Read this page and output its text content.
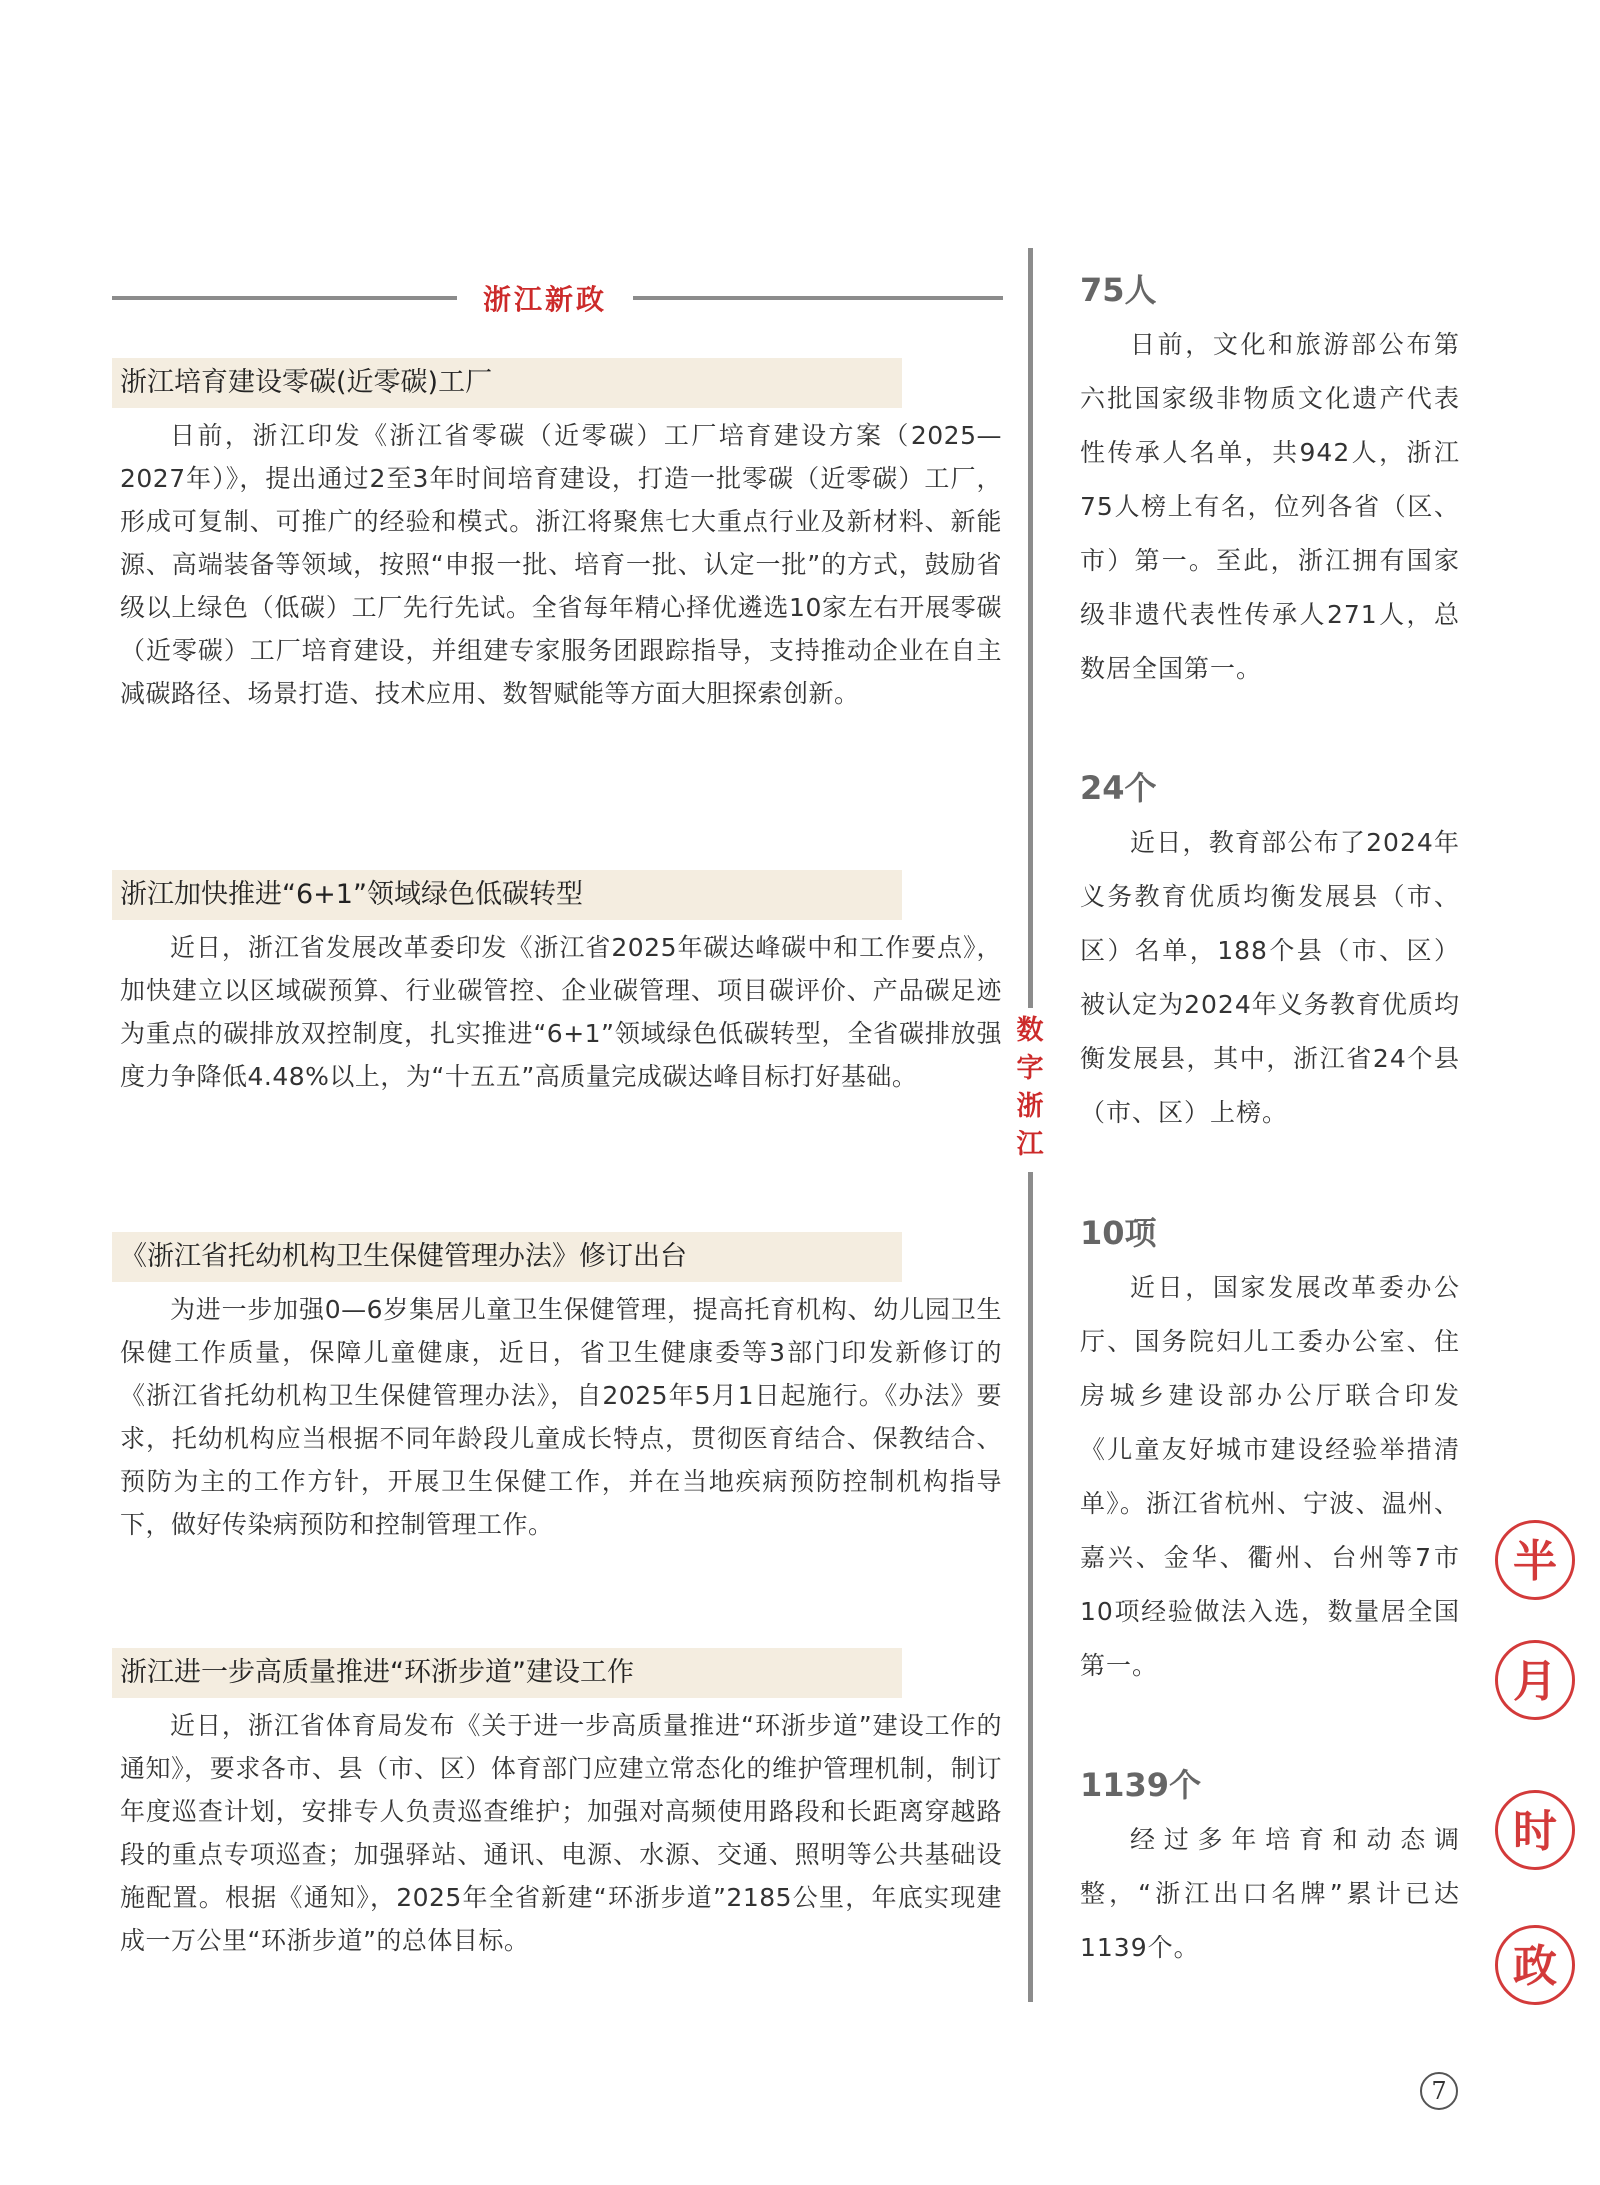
浙江新政
浙江培育建设零碳(近零碳)工厂
日前，浙江印发《浙江省零碳（近零碳）工厂培育建设方案（2025—2027年）》，提出通过2至3年时间培育建设，打造一批零碳（近零碳）工厂，形成可复制、可推广的经验和模式。浙江将聚焦七大重点行业及新材料、新能源、高端装备等领域，按照“申报一批、培育一批、认定一批”的方式，鼓励省级以上绿色（低碳）工厂先行先试。全省每年精心择优遴选10家左右开展零碳（近零碳）工厂培育建设，并组建专家服务团跟踪指导，支持推动企业在自主减碳路径、场景打造、技术应用、数智赋能等方面大胆探索创新。
浙江加快推进“6+1”领域绿色低碳转型
近日，浙江省发展改革委印发《浙江省2025年碳达峰碳中和工作要点》，加快建立以区域碳预算、行业碳管控、企业碳管理、项目碳评价、产品碳足迹为重点的碳排放双控制度，扎实推进“6+1”领域绿色低碳转型，全省碳排放强度力争降低4.48%以上，为“十五五”高质量完成碳达峰目标打好基础。
《浙江省托幼机构卫生保健管理办法》修订出台
为进一步加强0—6岁集居儿童卫生保健管理，提高托育机构、幼儿园卫生保健工作质量，保障儿童健康，近日，省卫生健康委等3部门印发新修订的《浙江省托幼机构卫生保健管理办法》，自2025年5月1日起施行。《办法》要求，托幼机构应当根据不同年龄段儿童成长特点，贯彻医育结合、保教结合、预防为主的工作方针，开展卫生保健工作，并在当地疾病预防控制机构指导下，做好传染病预防和控制管理工作。
浙江进一步高质量推进“环浙步道”建设工作
近日，浙江省体育局发布《关于进一步高质量推进“环浙步道”建设工作的通知》，要求各市、县（市、区）体育部门应建立常态化的维护管理机制，制订年度巡查计划，安排专人负责巡查维护；加强对高频使用路段和长距离穿越路段的重点专项巡查；加强驿站、通讯、电源、水源、交通、照明等公共基础设施配置。根据《通知》，2025年全省新建“环浙步道”2185公里，年底实现建成一万公里“环浙步道”的总体目标。
数字浙江
75人
日前，文化和旅游部公布第六批国家级非物质文化遗产代表性传承人名单，共942人，浙江75人榜上有名，位列各省（区、市）第一。至此，浙江拥有国家级非遗代表性传承人271人，总数居全国第一。
24个
近日，教育部公布了2024年义务教育优质均衡发展县（市、区）名单，188个县（市、区）被认定为2024年义务教育优质均衡发展县，其中，浙江省24个县（市、区）上榜。
10项
近日，国家发展改革委办公厅、国务院妇儿工委办公室、住房城乡建设部办公厅联合印发《儿童友好城市建设经验举措清单》。浙江省杭州、宁波、温州、嘉兴、金华、衢州、台州等7市10项经验做法入选，数量居全国第一。
1139个
经过多年培育和动态调整，“浙江出口名牌”累计已达1139个。
半
月
时
政
7
